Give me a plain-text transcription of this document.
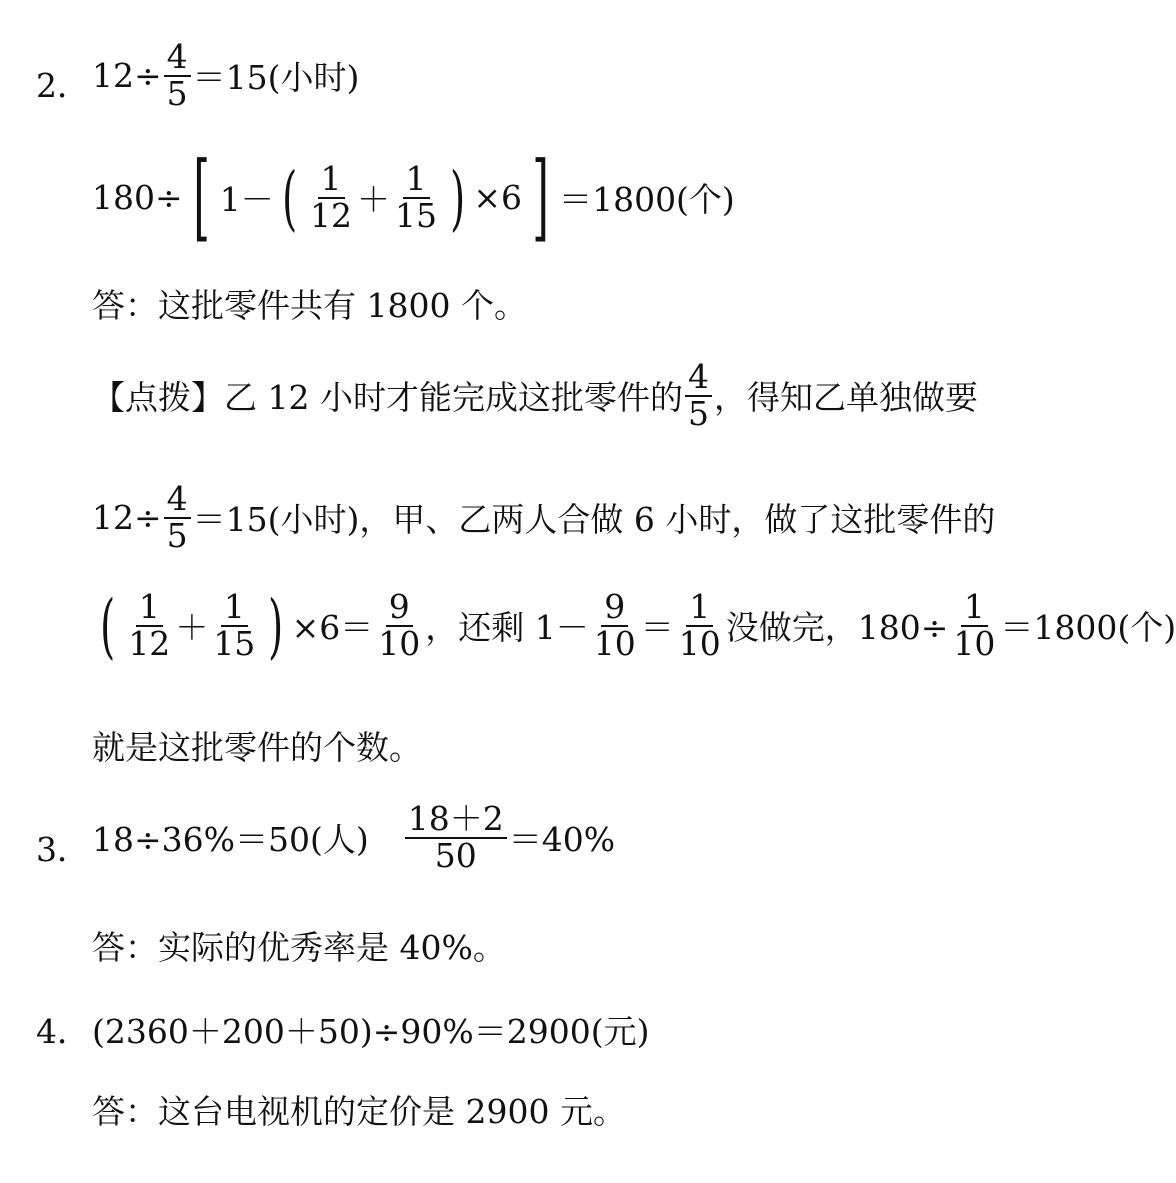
2． $12\div \frac{4}{5} =15$(小时)
180÷ [ 1－ ( $\frac{1}{12} + \frac{1}{15}$ ) ×6 ] ＝1800(个)
答：这批零件共有 1800 个。
【点拨】乙 12 小时才能完成这批零件的 $\frac{4}{5}$ ，得知乙单独做要
$12\div \frac{4}{5} =15$(小时)，甲、乙两人合做 6 小时，做了这批零件的
( $\frac{1}{12} + \frac{1}{15}$ ) $\times 6= \frac{9}{10}$ ，还剩 $1- \frac{9}{10} = \frac{1}{10}$ 没做完，$180\div \frac{1}{10} =1800$(个)
就是这批零件的个数。
3． 18÷36%＝50(人) $\frac{18+2}{50} =40\%$
答：实际的优秀率是 40%。
4． (2360＋200＋50)÷90%＝2900(元)
答：这台电视机的定价是 2900 元。
